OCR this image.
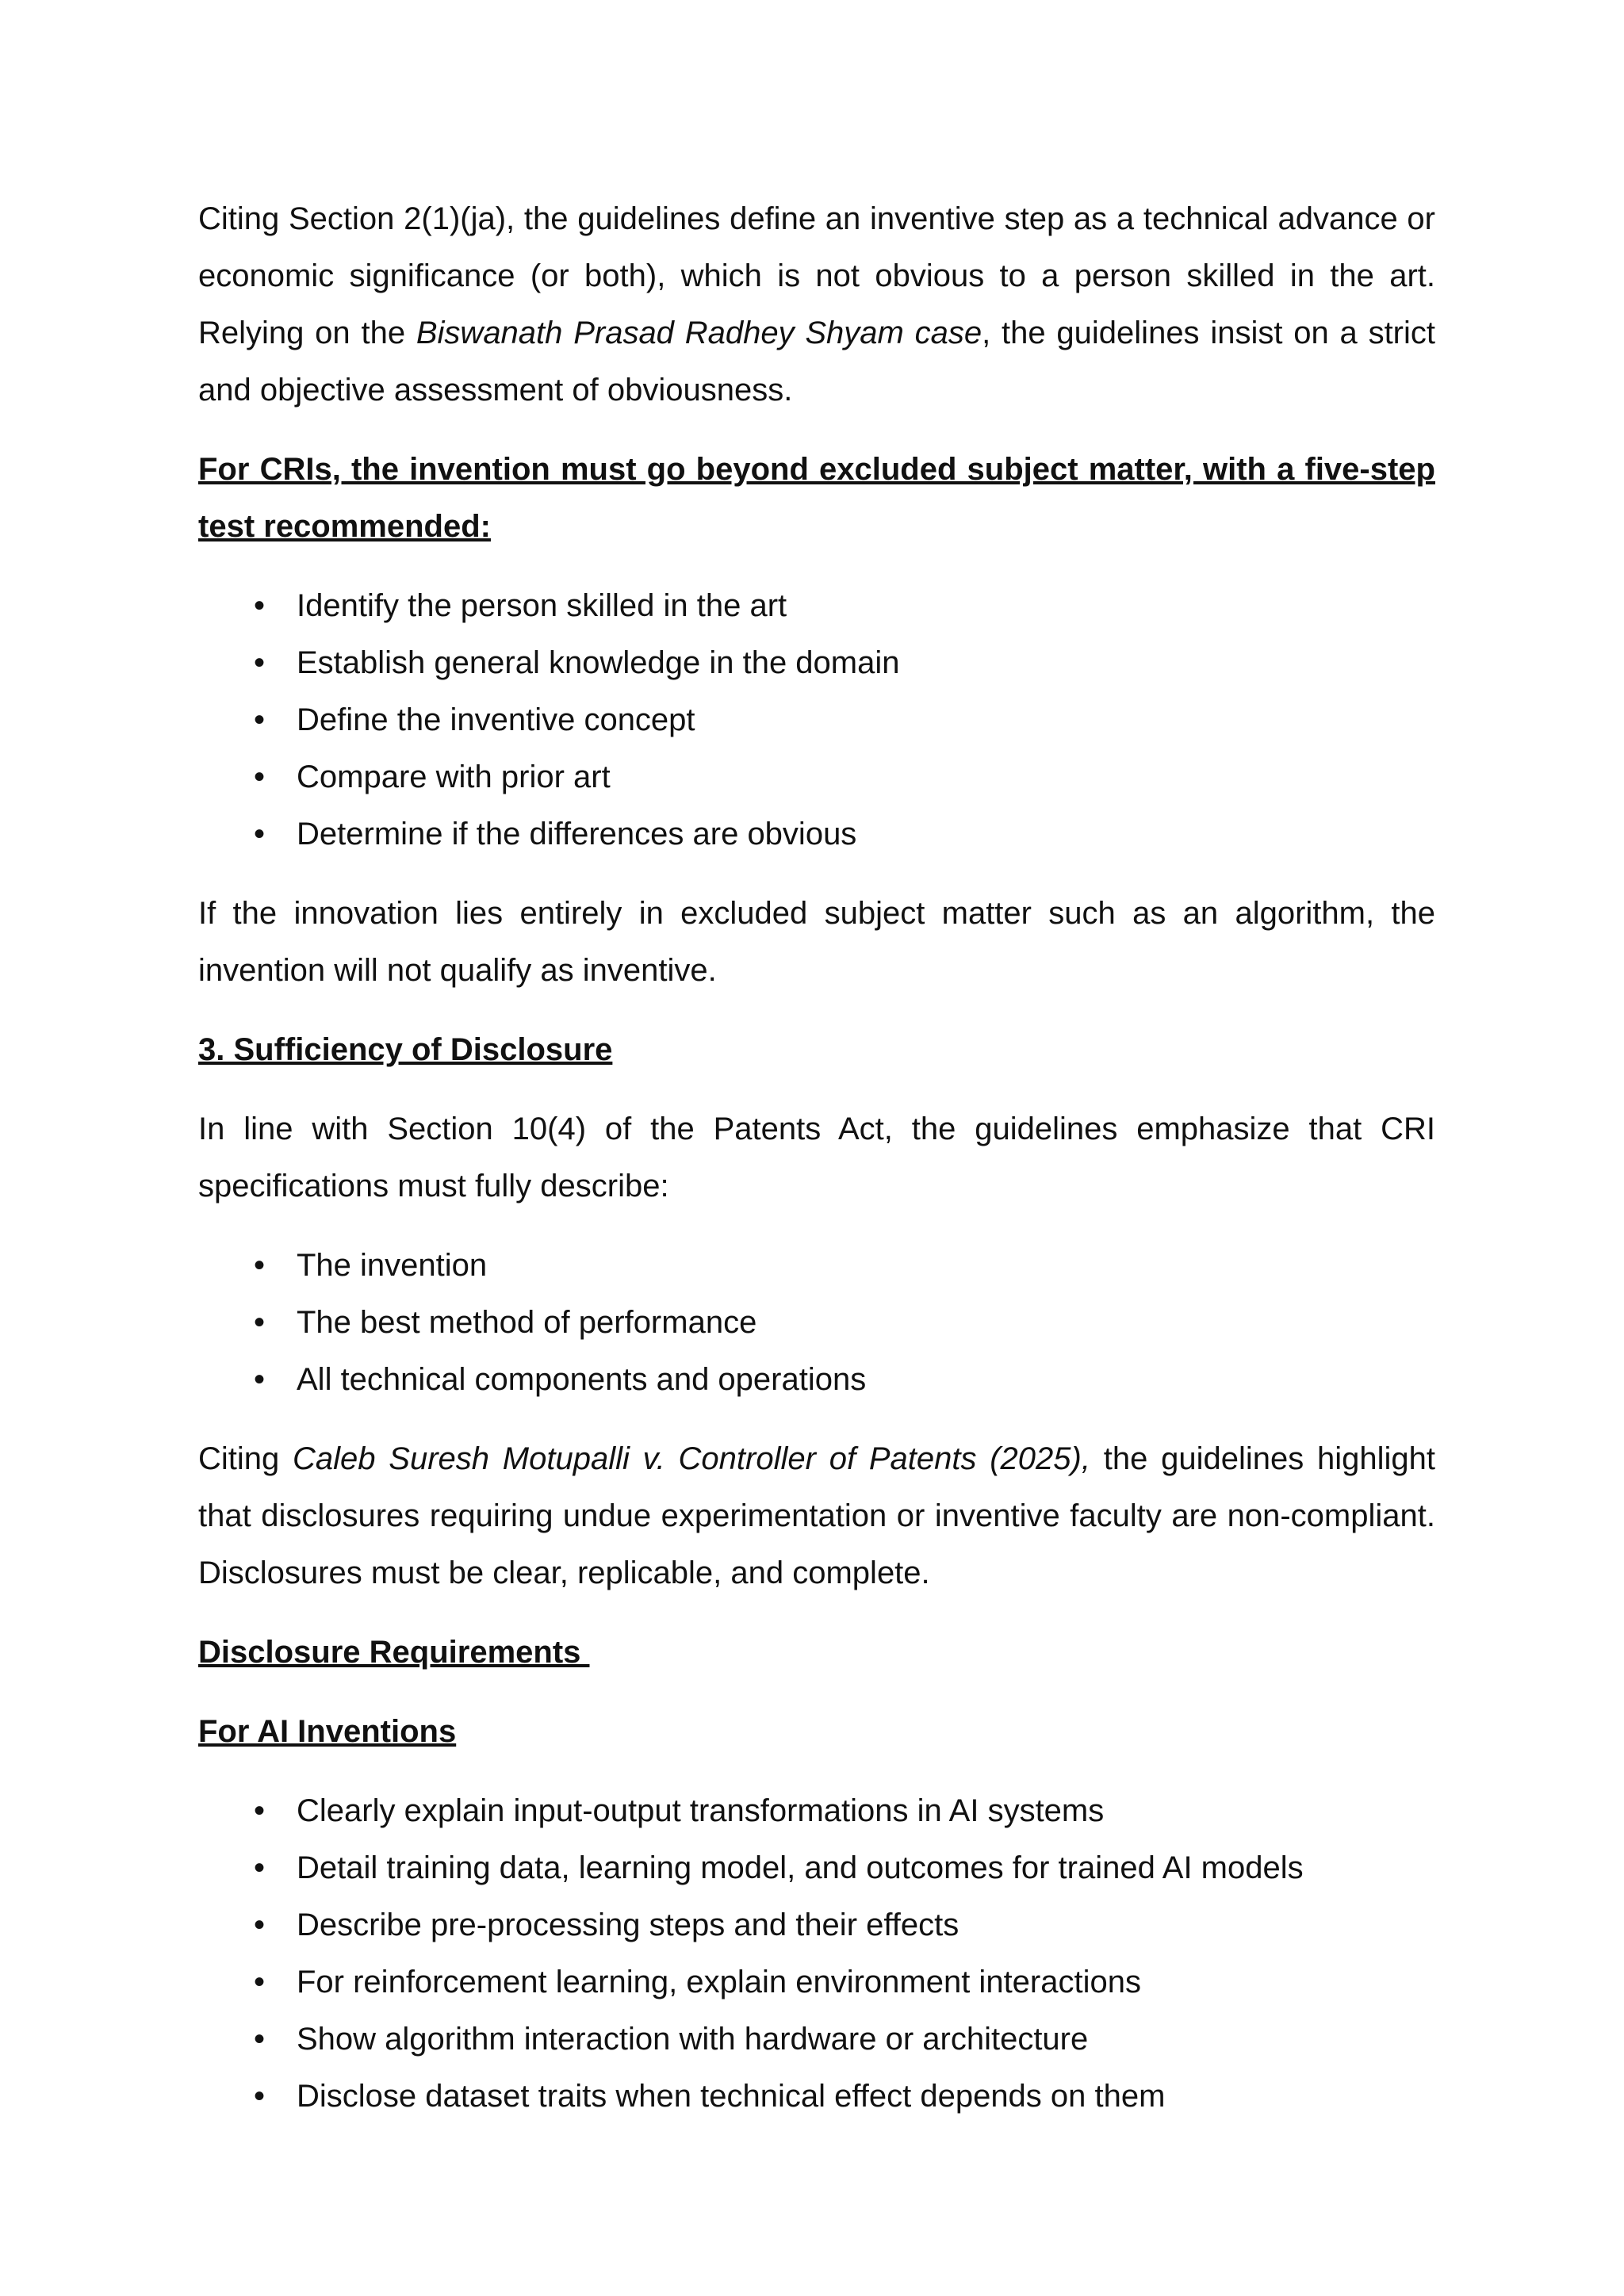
Citing Section 2(1)(ja), the guidelines define an inventive step as a technical advance or economic significance (or both), which is not obvious to a person skilled in the art. Relying on the Biswanath Prasad Radhey Shyam case, the guidelines insist on a strict and objective assessment of obviousness.

For CRIs, the invention must go beyond excluded subject matter, with a five-step test recommended:
• Identify the person skilled in the art
• Establish general knowledge in the domain
• Define the inventive concept
• Compare with prior art
• Determine if the differences are obvious

If the innovation lies entirely in excluded subject matter such as an algorithm, the invention will not qualify as inventive.

3. Sufficiency of Disclosure

In line with Section 10(4) of the Patents Act, the guidelines emphasize that CRI specifications must fully describe:

• The invention
• The best method of performance
• All technical components and operations

Citing Caleb Suresh Motupalli v. Controller of Patents (2025), the guidelines highlight that disclosures requiring undue experimentation or inventive faculty are non-compliant. Disclosures must be clear, replicable, and complete.

Disclosure Requirements
For AI Inventions
• Clearly explain input-output transformations in AI systems
• Detail training data, learning model, and outcomes for trained AI models
• Describe pre-processing steps and their effects
• For reinforcement learning, explain environment interactions
• Show algorithm interaction with hardware or architecture
• Disclose dataset traits when technical effect depends on them
